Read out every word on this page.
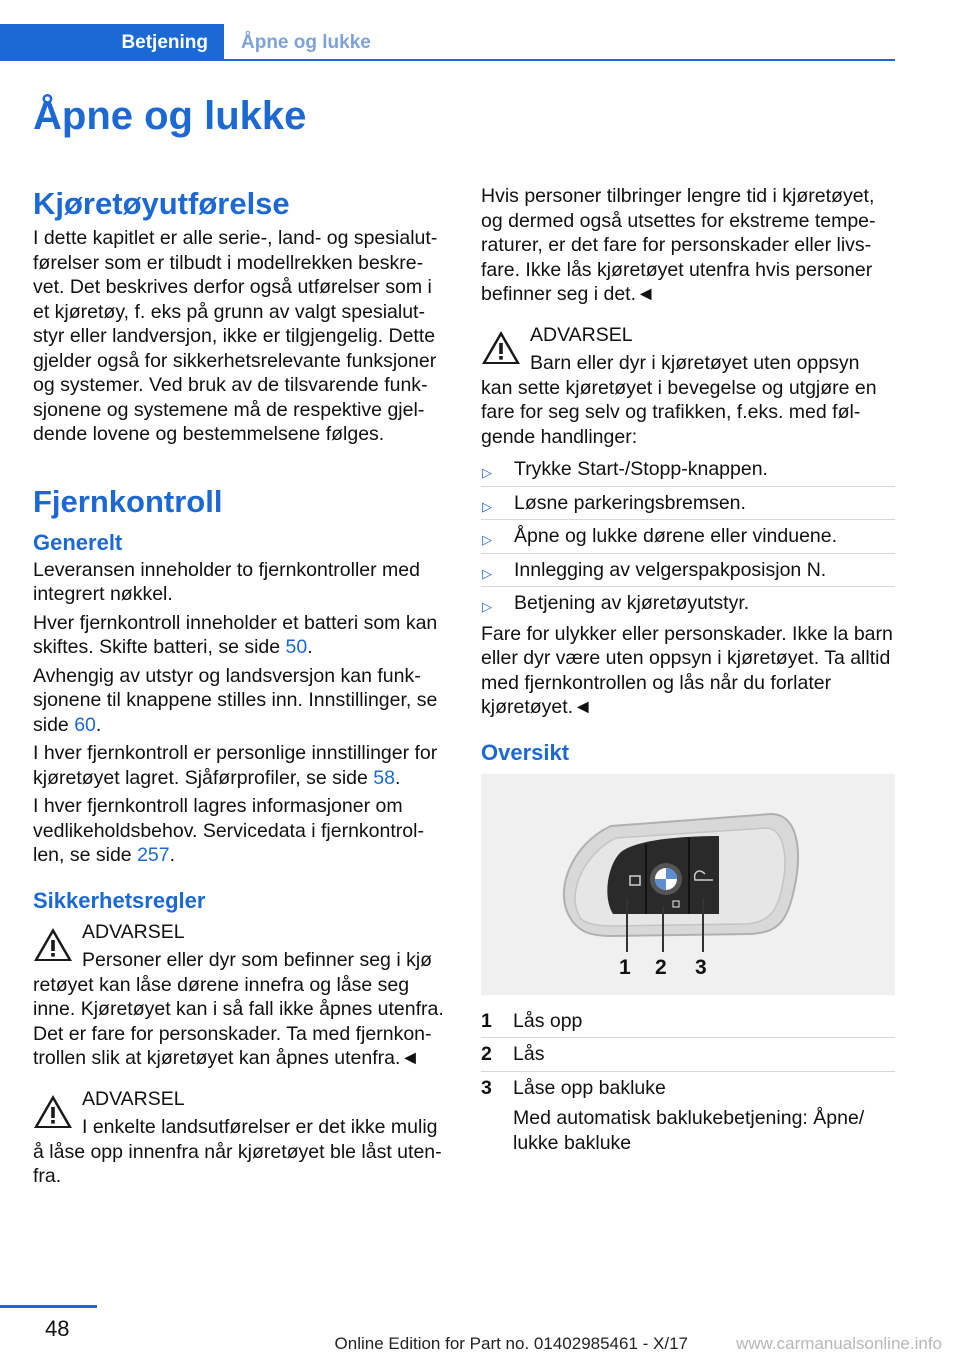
Betjening	Åpne og lukke
Åpne og lukke
Kjøretøyutførelse

I dette kapitlet er alle serie-, land- og spesialutførelser som er tilbudt i modellrekken beskrevet. Det beskrives derfor også utførelser som i et kjøretøy, f. eks på grunn av valgt spesialutstyr eller landversjon, ikke er tilgjengelig. Dette gjelder også for sikkerhetsrelevante funksjoner og systemer. Ved bruk av de tilsvarende funksjonene og systemene må de respektive gjeldende lovene og bestemmelsene følges.

Fjernkontroll
Generelt

Leveransen inneholder to fjernkontroller med integrert nøkkel.

Hver fjernkontroll inneholder et batteri som kan skiftes. Skifte batteri, se side 50.

Avhengig av utstyr og landsversjon kan funksjonene til knappene stilles inn. Innstillinger, se side 60.

I hver fjernkontroll er personlige innstillinger for kjøretøyet lagret. Sjåførprofiler, se side 58.

I hver fjernkontroll lagres informasjoner om vedlikeholdsbehov. Servicedata i fjernkontrollen, se side 257.

Sikkerhetsregler
ADVARSEL
Personer eller dyr som befinner seg i kjø

retøyet kan låse dørene innefra og låse seg inne. Kjøretøyet kan i så fall ikke åpnes utenfra. Det er fare for personskader. Ta med fjernkontrollen slik at kjøretøyet kan åpnes utenfra.◄

ADVARSEL
I enkelte landsutførelser er det ikke mulig

å låse opp innenfra når kjøretøyet ble låst utenfra.

Hvis personer tilbringer lengre tid i kjøretøyet, og dermed også utsettes for ekstreme temperaturer, er det fare for personskader eller livsfare. Ikke lås kjøretøyet utenfra hvis personer befinner seg i det.◄

ADVARSEL
Barn eller dyr i kjøretøyet uten oppsyn

kan sette kjøretøyet i bevegelse og utgjøre en fare for seg selv og trafikken, f.eks. med følgende handlinger:

▷ Trykke Start-/Stopp-knappen.
▷ Løsne parkeringsbremsen.
▷ Åpne og lukke dørene eller vinduene.
▷ Innlegging av velgerspakposisjon N.
▷ Betjening av kjøretøyutstyr.

Fare for ulykker eller personskader. Ikke la barn eller dyr være uten oppsyn i kjøretøyet. Ta alltid med fjernkontrollen og lås når du forlater kjøretøyet.◄

Oversikt
1 2 3
1	Lås opp
2	Lås
3	Låse opp bakluke
Med automatisk baklukebetjening: Åpne/ lukke bakluke
48
Online Edition for Part no. 01402985461 - X/17	www.carmanualsonline.info
